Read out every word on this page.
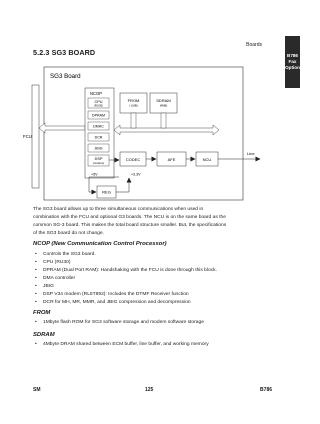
Boards
B786
Fax
Option
5.2.3 SG3 BOARD
SG3 Board
FCU
NCOP
CPU
(RU30)
DPRAM
DMAC
DCR
JBIG
DSP
(modem)
FROM
( 1MB)
SDRAM
(4MB)
CODEC	AFE	NCU
Line
+5V
REG
+3.3V
The SG3 board allows up to three simultaneous communications when used in
combination with the FCU and optional G3 boards. The NCU is on the same board as the
common SG-3 board. This makes the total board structure smaller. But, the specifications
of the SG3 board do not change.
NCOP (New Communication Control Processor)
• Controls the SG3 board.
• CPU (RU30)
• DPRAM (Dual Port RAM): Handshaking with the FCU is done through this block.
• DMA controller
• JBIG
• DSP V34 modem (RL5T892): Includes the DTMF Receiver function
• DCR for MH, MR, MMR, and JBIG compression and decompression
FROM
• 1Mbyte flash ROM for SG3 software storage and modem software storage
SDRAM
• 4Mbyte DRAM shared between ECM buffer, line buffer, and working memory
SM	125	B786
